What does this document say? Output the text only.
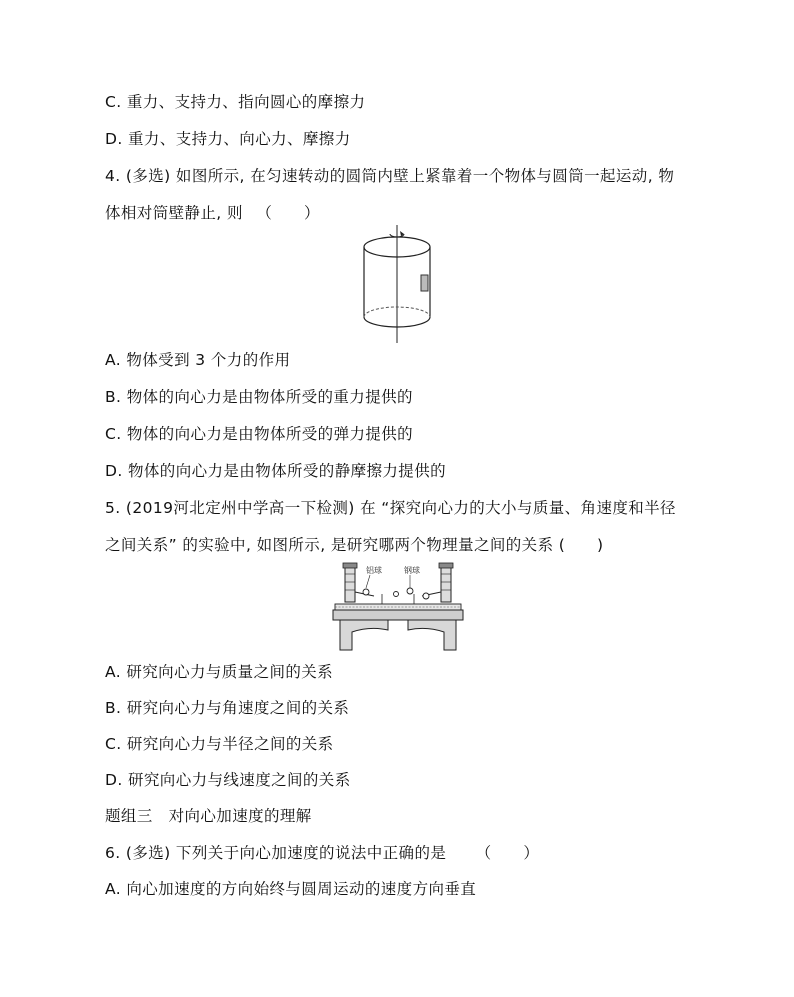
C. 重力、支持力、指向圆心的摩擦力
D. 重力、支持力、向心力、摩擦力
4. (多选) 如图所示, 在匀速转动的圆筒内壁上紧靠着一个物体与圆筒一起运动, 物
体相对筒壁静止, 则 　（　　）
A. 物体受到 3 个力的作用
B. 物体的向心力是由物体所受的重力提供的
C. 物体的向心力是由物体所受的弹力提供的
D. 物体的向心力是由物体所受的静摩擦力提供的
5. (2019河北定州中学高一下检测) 在 “探究向心力的大小与质量、角速度和半径
之间关系” 的实验中, 如图所示, 是研究哪两个物理量之间的关系 (　　)
铝球	钢球
A. 研究向心力与质量之间的关系
B. 研究向心力与角速度之间的关系
C. 研究向心力与半径之间的关系
D. 研究向心力与线速度之间的关系
题组三　对向心加速度的理解
6. (多选) 下列关于向心加速度的说法中正确的是 　　（　　）
A. 向心加速度的方向始终与圆周运动的速度方向垂直
